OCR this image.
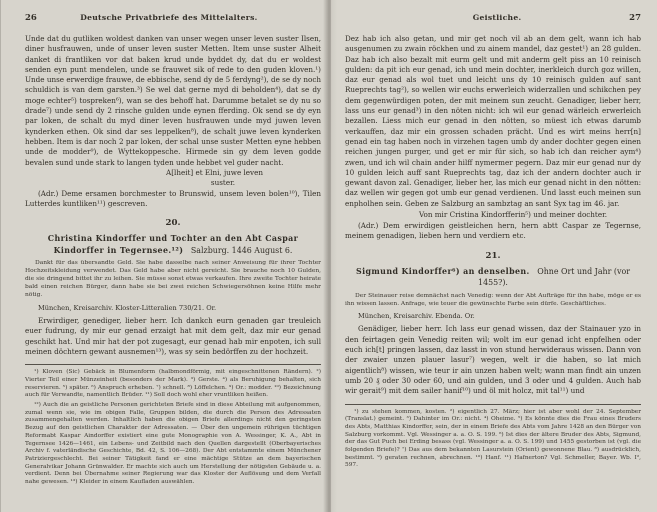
26	Deutsche Privatbriefe des Mittelalters.
Unde dat du gutliken woldest danken van unser wegen unser leven suster Ilsen, diner husfrauwen, unde of unser leven suster Metten. Item unse suster Alheit danket di frantliken vor dat baken krud unde byddet dy, dat du er woldest senden eyn punt mendelen, unde se frauwet sik of rede to den guden kloven.¹) Unde unse erwerdige frauwe, de ebbische, send dy de 5 ferdyng²), de se dy noch schuldich is van dem garsten.³) Se wel dat gerne myd di beholden⁴), dat se dy moge echter⁵) tospreken⁶), wan se des behoff hat. Darumme betalet se dy nu so drade⁷) unde send dy 2 rinsche gulden unde eynen fferding. Ok send se dy eyn par loken, de schalt du myd diner leven husfrauwen unde myd juwen leven kynderken ethen. Ok sind dar ses leppelken⁸), de schalt juwe leven kynderken hebben. Item is dar noch 2 par loken, der schal unse suster Metten eyne hebben unde de modder⁹), de Wyttekoppesche. Hirmede sin gy dem leven godde bevalen sund unde stark to langen tyden unde hebbet vel guder nacht.
A[lheit] et Elni, juwe leven
suster.
(Adr.) Deme ersamen borchmester to Brunswid, unsem leven bolen¹⁰), Tilen Lutterdes kuntliken¹¹) gescreven.
20.
Christina Kindorffer und Tochter an den Abt Caspar Kindorffer in Tegernsee.¹²) Salzburg. 1446 August 6.
Dankt für das übersandte Geld. Sie habe dasselbe nach seiner Anweisung für ihrer Tochter Hochzeitskleidung verwendet. Das Geld habe aber nicht gereicht. Sie brauche noch 10 Gulden, die sie dringend bittet ihr zu leihen. Sie müsse sonst etwas verkaufen. Ihre zweite Tochter heirate bald einen reichen Bürger, dann habe sie bei zwei reichen Schwiegersöhnen keine Hilfe mehr nötig.
München, Kreisarchiv. Kloster-Litteralien 730/21. Or.
Erwirdiger, genediger, lieber herr. Ich dankch eurn genaden gar treuleich euer fudrung, dy mir eur genad erzaigt hat mit dem gelt, daz mir eur genad geschikt hat. Und mir hat der pot zugesagt, eur genad hab mir enpoten, ich sull meinen döchtern gewant ausnemen¹³), was sy sein bedörffen zu der hochzeit.
¹) Kloven (Sic) Gebäck in Blumenform (halbmondförmig, mit eingeschnittenen Rändern). ²) Vierter Teil einer Münzeinheit (besonders der Mark). ³) Gerste. ⁴) als Beruhigung behalten, sich reservieren. ⁵) später. ⁶) Anspruch erheben. ⁷) schnell. ⁸) Löffelchen. ⁹) Or.: modder. ¹⁰) Bezeichnung auch für Verwandte, namentlich Brüder. ¹¹) Soll doch wohl eher vruntliken heißen.
¹²) Auch die an geistliche Personen gerichteten Briefe sind in diese Abteilung mit aufgenommen, zumal wenn sie, wie im obigen Falle, Gruppen bilden, die durch die Person des Adressaten zusammengehalten werden. Inhaltlich haben die obigen Briefe allerdings nicht den geringsten Bezug auf den geistlichen Charakter der Adressaten. — Über den ungemein rührigen tüchtigen Reformabt Kaspar Aindorffer existiert eine gute Monographie von A. Wessinger, K. A., Abt in Tegernsee 1426—1461, ein Lebens- und Zeitbild nach den Quellen dargestellt (Oberbayerisches Archiv f. vaterländische Geschichte, Bd. 42, S. 106—268). Der Abt entstammte einem Münchener Patriziergeschlecht. Bei seiner Tätigkeit fand er eine mächtige Stütze an dem bayerischen Generalvikar Johann Grünwalder. Er machte sich auch um Herstellung der nötigsten Gebäude u. a. verdient. Denn bei Übernahme seiner Regierung war das Kloster der Auflösung und dem Verfall nahe gewesen. ¹³) Kleider in einem Kaufladen auswählen.
Geistliche.	27
Dez hab ich also getan, und mir get noch vil ab an dem gelt, wann ich hab ausgenumen zu zwain röckhen und zu ainem mandel, daz gestet¹) an 28 gulden. Daz hab ich also bezalt mit eurm gelt und mit anderm gelt piss an 10 reinisch gulden: da pit ich eur genad, ich und mein dochter, inerkleich durch goz willen, daz eur genad als wol tuet und leicht uns dy 10 reinisch gulden auf sant Rueprechts tag²), so wellen wir euchs erwerleich widerzallen und schikchen pey dem gegenwürdigen poten, der mit meinem sun zeucht. Genadiger, lieber herr, lass uns eur genad³) in den nöten nicht: ich wil eur genad wärleich erwerleich bezallen. Liess mich eur genad in den nötten, so müest ich etwas darumb verkauffen, daz mir ein grossen schaden prächt. Und es wirt meins herr[n] genad ein tag haben noch in virzehen tagen umb dy ander dochter gegen einen reichen jungen purger, und get er mir für sich, so hab ich dan reicher aym⁴) zwen, und ich wil chain ander hilff nymermer pegern. Daz mir eur genad nur dy 10 gulden leich auff sant Rueprechts tag, daz ich der andern dochter auch ir gewant davon zal. Genadiger, lieber her, las mich eur genad nicht in den nötten: daz wellen wir gegen got umb eur genad verdienen. Und lasst euch meinen sun enpholhen sein. Geben ze Salzburg an sambztag an sant Syx tag im 46. jar.
Von mir Cristina Kindorfferin⁵) und meiner dochter.
(Adr.) Dem erwirdigen geistleichen hern, hern abtt Caspar ze Tegernse, meinem genadigen, lieben hern und verdiern etc.
21.
Sigmund Kindorffer⁶) an denselben. Ohne Ort und Jahr (vor 1455?).
Der Steinauer reise demnächst nach Venedig: wenn der Abt Aufträge für ihn habe, möge er es ihn wissen lassen. Anfrage, wie teuer die gewünschte Farbe sein dürfe. Geschäftliches.
München, Kreisarchiv. Ebenda. Or.
Genädiger, lieber herr. Ich lass eur genad wissen, daz der Stainauer yzo in den feirtagen gein Venedig reiten wil; wolt im eur genad icht enpfelhen oder euch ich[t] pringen lassen, daz lasst in von stund herwideraus wissen. Dann von der zwaier unzen plauer lasur⁷) wegen, welt ir die haben, so lat mich aigentlich⁸) wissen, wie teur ir ain unzen haben welt; wann man findt ain unzen umb 20 ₰ oder 30 oder 60, und ain gulden, und 3 oder und 4 gulden. Auch hab wir gerait⁹) mit dem sailer hanif¹⁰) und öl mit holcz, mit tal¹¹) und
¹) zu stehen kommen, kosten. ²) eigentlich 27. März; hier ist aber wohl der 24. September (Translat.) gemeint. ³) Dahinter im Or.: nicht. ⁴) Oheime. ⁵) Es könnte dies die Frau eines Bruders des Abts, Matthias Kindorffer, sein, der in einem Briefe des Abts vom Jahre 1428 an den Bürger von Salzburg vorkommt. Vgl. Wessinger a. a. O. S. 199. ⁶) Ist dies der ältere Bruder des Abts, Sigmund, der das Gut Puch bei Erding besass (vgl. Wessinger a. a. O. S. 199) und 1455 gestorben ist (vgl. die folgenden Briefe)? ⁷) Das aus dem bekannten Lasurstein (Orient) gewonnene Blau. ⁸) ausdrücklich, bestimmt. ⁹) geraten rechnen, abrechnen. ¹⁰) Hanf. ¹¹) Hafnerton? Vgl. Schmeller, Bayer. Wb. I², 597.
